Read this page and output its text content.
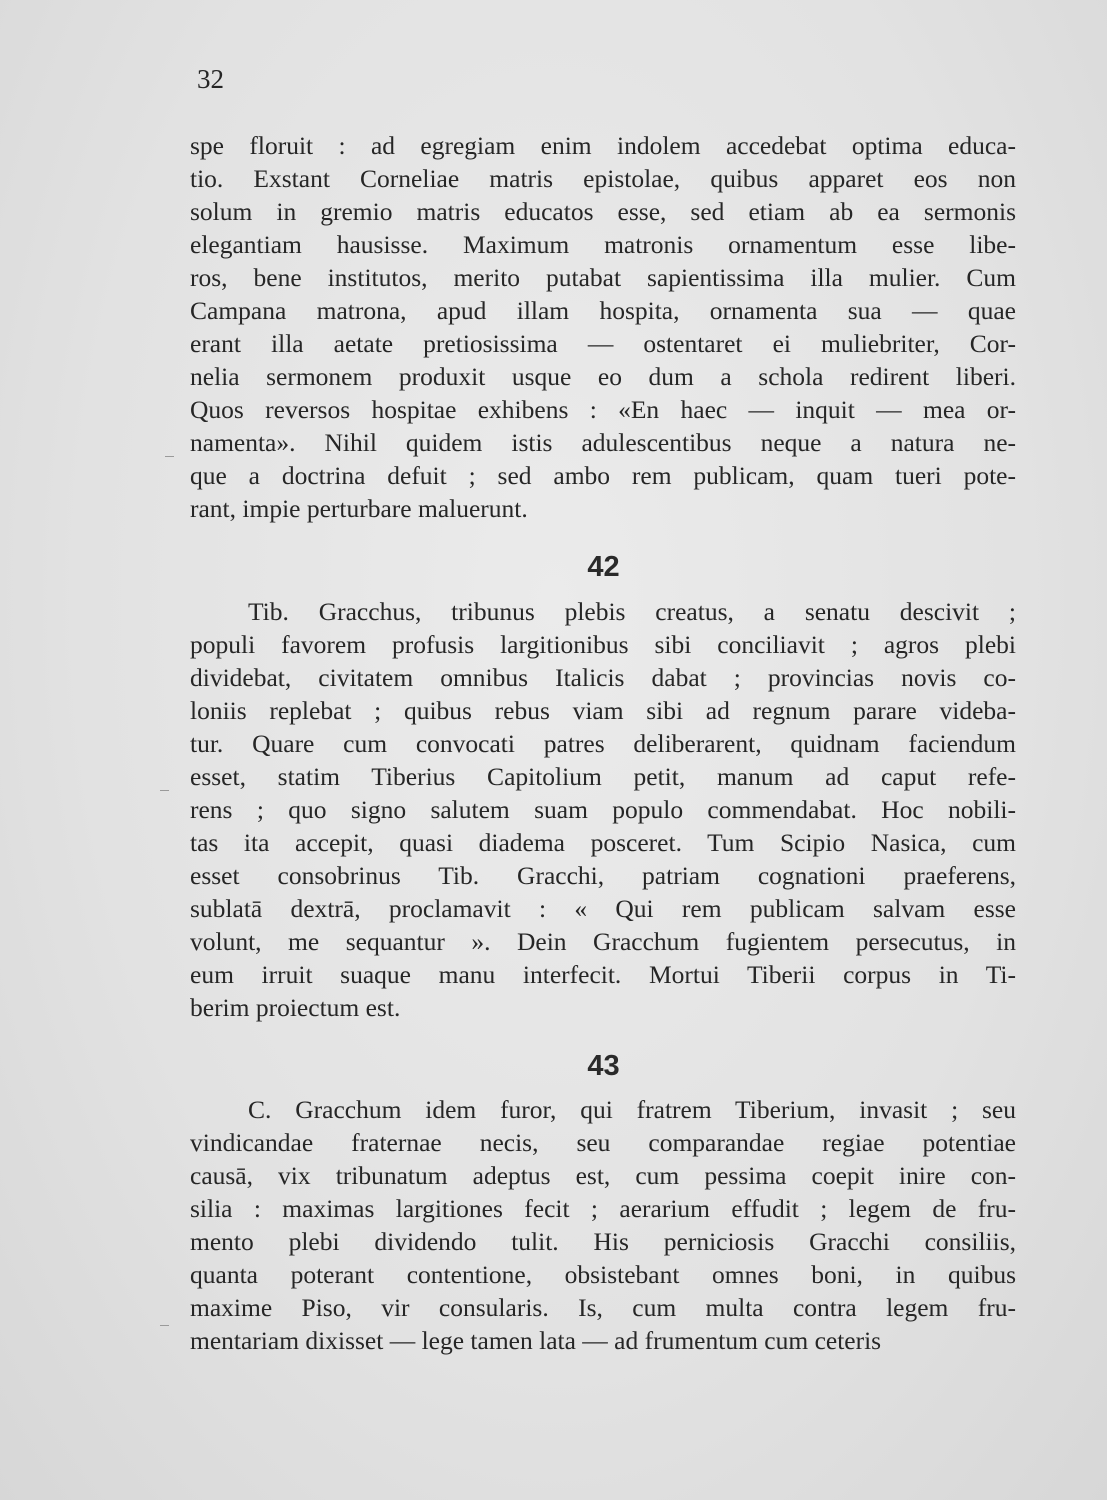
32

spe floruit : ad egregiam enim indolem accedebat optima educa-

tio. Exstant Corneliae matris epistolae, quibus apparet eos non

solum in gremio matris educatos esse, sed etiam ab ea sermonis

elegantiam hausisse. Maximum matronis ornamentum esse libe-

ros, bene institutos, merito putabat sapientissima illa mulier. Cum

Campana matrona, apud illam hospita, ornamenta sua — quae

erant illa aetate pretiosissima — ostentaret ei muliebriter, Cor-

nelia sermonem produxit usque eo dum a schola redirent liberi.

Quos reversos hospitae exhibens : «En haec — inquit — mea or-

namenta». Nihil quidem istis adulescentibus neque a natura ne-

que a doctrina defuit ; sed ambo rem publicam, quam tueri pote-

rant, impie perturbare maluerunt.

42

Tib. Gracchus, tribunus plebis creatus, a senatu descivit ;

populi favorem profusis largitionibus sibi conciliavit ; agros plebi

dividebat, civitatem omnibus Italicis dabat ; provincias novis co-

loniis replebat ; quibus rebus viam sibi ad regnum parare videba-

tur. Quare cum convocati patres deliberarent, quidnam faciendum

esset, statim Tiberius Capitolium petit, manum ad caput refe-

rens ; quo signo salutem suam populo commendabat. Hoc nobili-

tas ita accepit, quasi diadema posceret. Tum Scipio Nasica, cum

esset consobrinus Tib. Gracchi, patriam cognationi praeferens,

sublatā dextrā, proclamavit : « Qui rem publicam salvam esse

volunt, me sequantur ». Dein Gracchum fugientem persecutus, in

eum irruit suaque manu interfecit. Mortui Tiberii corpus in Ti-

berim proiectum est.

43

C. Gracchum idem furor, qui fratrem Tiberium, invasit ; seu

vindicandae fraternae necis, seu comparandae regiae potentiae

causā, vix tribunatum adeptus est, cum pessima coepit inire con-

silia : maximas largitiones fecit ; aerarium effudit ; legem de fru-

mento plebi dividendo tulit. His perniciosis Gracchi consiliis,

quanta poterant contentione, obsistebant omnes boni, in quibus

maxime Piso, vir consularis. Is, cum multa contra legem fru-

mentariam dixisset — lege tamen lata — ad frumentum cum ceteris
